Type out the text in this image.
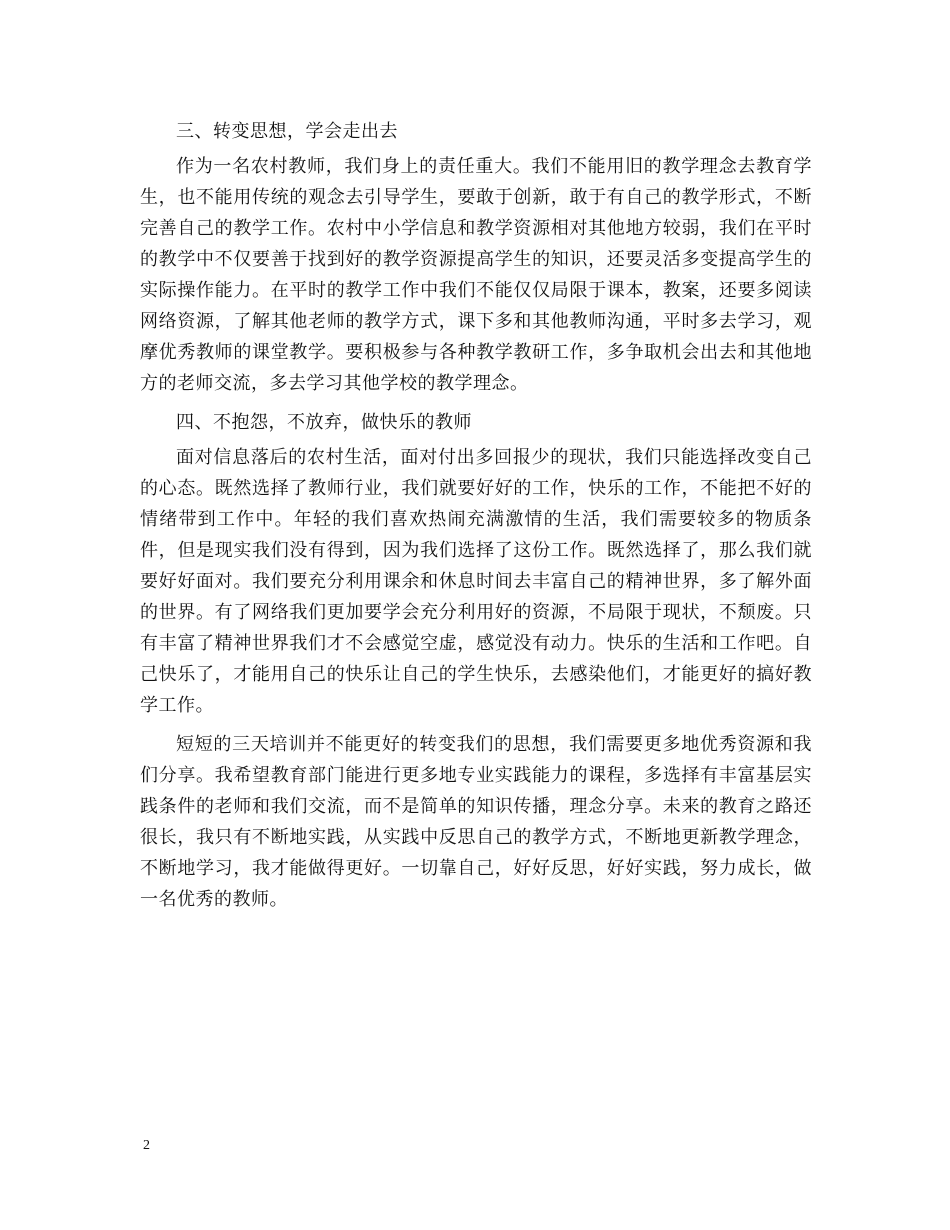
三、转变思想，学会走出去

作为一名农村教师，我们身上的责任重大。我们不能用旧的教学理念去教育学生，也不能用传统的观念去引导学生，要敢于创新，敢于有自己的教学形式，不断完善自己的教学工作。农村中小学信息和教学资源相对其他地方较弱，我们在平时的教学中不仅要善于找到好的教学资源提高学生的知识，还要灵活多变提高学生的实际操作能力。在平时的教学工作中我们不能仅仅局限于课本，教案，还要多阅读网络资源，了解其他老师的教学方式，课下多和其他教师沟通，平时多去学习，观摩优秀教师的课堂教学。要积极参与各种教学教研工作，多争取机会出去和其他地方的老师交流，多去学习其他学校的教学理念。

四、不抱怨，不放弃，做快乐的教师

面对信息落后的农村生活，面对付出多回报少的现状，我们只能选择改变自己的心态。既然选择了教师行业，我们就要好好的工作，快乐的工作，不能把不好的情绪带到工作中。年轻的我们喜欢热闹充满激情的生活，我们需要较多的物质条件，但是现实我们没有得到，因为我们选择了这份工作。既然选择了，那么我们就要好好面对。我们要充分利用课余和休息时间去丰富自己的精神世界，多了解外面的世界。有了网络我们更加要学会充分利用好的资源，不局限于现状，不颓废。只有丰富了精神世界我们才不会感觉空虚，感觉没有动力。快乐的生活和工作吧。自己快乐了，才能用自己的快乐让自己的学生快乐，去感染他们，才能更好的搞好教学工作。

短短的三天培训并不能更好的转变我们的思想，我们需要更多地优秀资源和我们分享。我希望教育部门能进行更多地专业实践能力的课程，多选择有丰富基层实践条件的老师和我们交流，而不是简单的知识传播，理念分享。未来的教育之路还很长，我只有不断地实践，从实践中反思自己的教学方式，不断地更新教学理念，不断地学习，我才能做得更好。一切靠自己，好好反思，好好实践，努力成长，做一名优秀的教师。

2
